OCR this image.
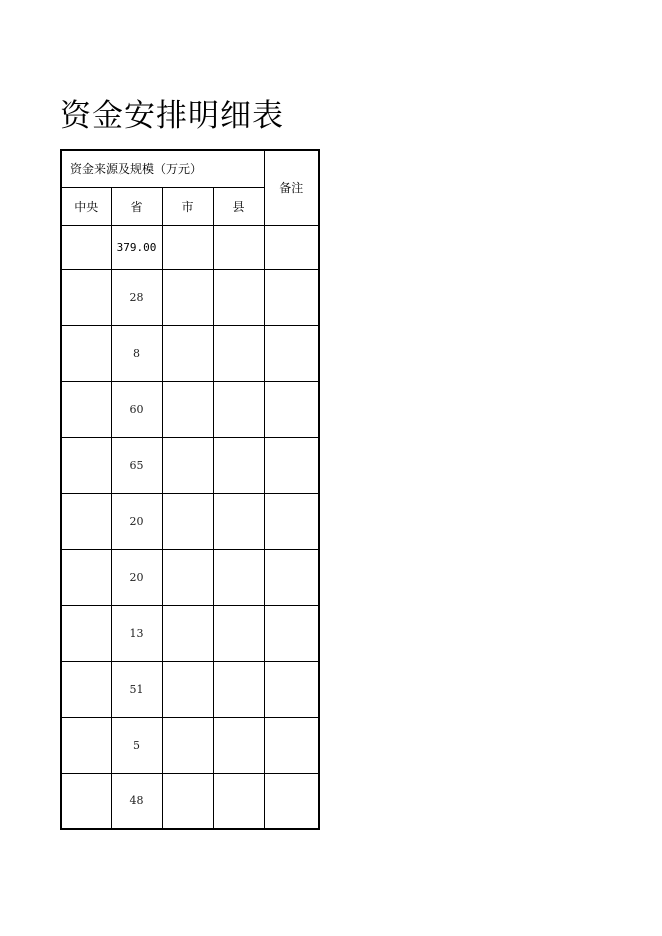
资金安排明细表
资金来源及规模（万元）				备注
中央	省	市	县	
	379.00			
	28			
	8			
	60			
	65			
	20			
	20			
	13			
	51			
	5			
	48			
